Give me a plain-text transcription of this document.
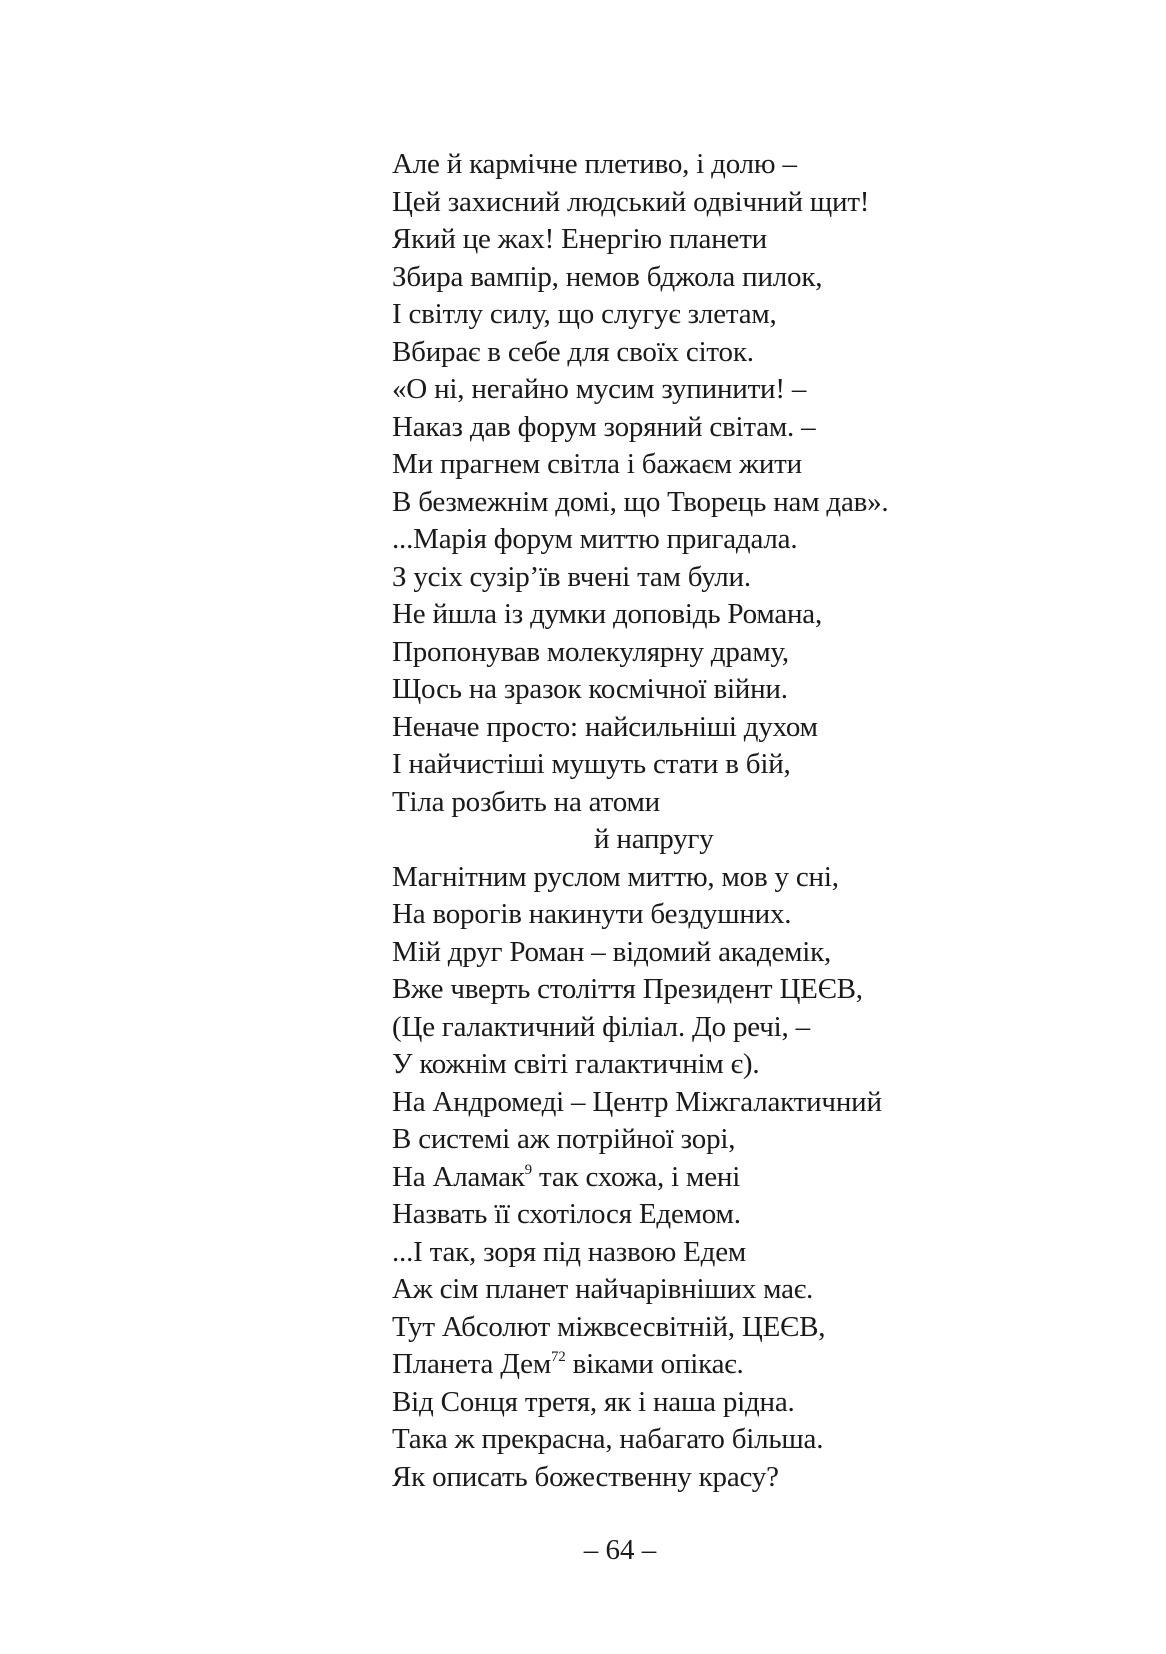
Але й кармічне плетиво, і долю –
Цей захисний людський одвічний щит!
Який це жах! Енергію планети
Збира вампір, немов бджола пилок,
І світлу силу, що слугує злетам,
Вбирає в себе для своїх сіток.
«О ні, негайно мусим зупинити! –
Наказ дав форум зоряний світам. –
Ми прагнем світла і бажаєм жити
В безмежнім домі, що Творець нам дав».
...Марія форум миттю пригадала.
З усіх сузір’їв вчені там були.
Не йшла із думки доповідь Романа,
Пропонував молекулярну драму,
Щось на зразок космічної війни.
Неначе просто: найсильніші духом
І найчистіші мушуть стати в бій,
Тіла розбить на атоми
й напругу
Магнітним руслом миттю, мов у сні,
На ворогів накинути бездушних.
Мій друг Роман – відомий академік,
Вже чверть століття Президент ЦЕЄВ,
(Це галактичний філіал. До речі, –
У кожнім світі галактичнім є).
На Андромеді – Центр Міжгалактичний
В системі аж потрійної зорі,
На Аламак$^9$ так схожа, і мені
Назвать її схотілося Едемом.
...І так, зоря під назвою Едем
Аж сім планет найчарівніших має.
Тут Абсолют міжвсесвітній, ЦЕЄВ,
Планета Дем$^{72}$ віками опікає.
Від Сонця третя, як і наша рідна.
Така ж прекрасна, набагато більша.
Як описать божественну красу?
– 64 –
